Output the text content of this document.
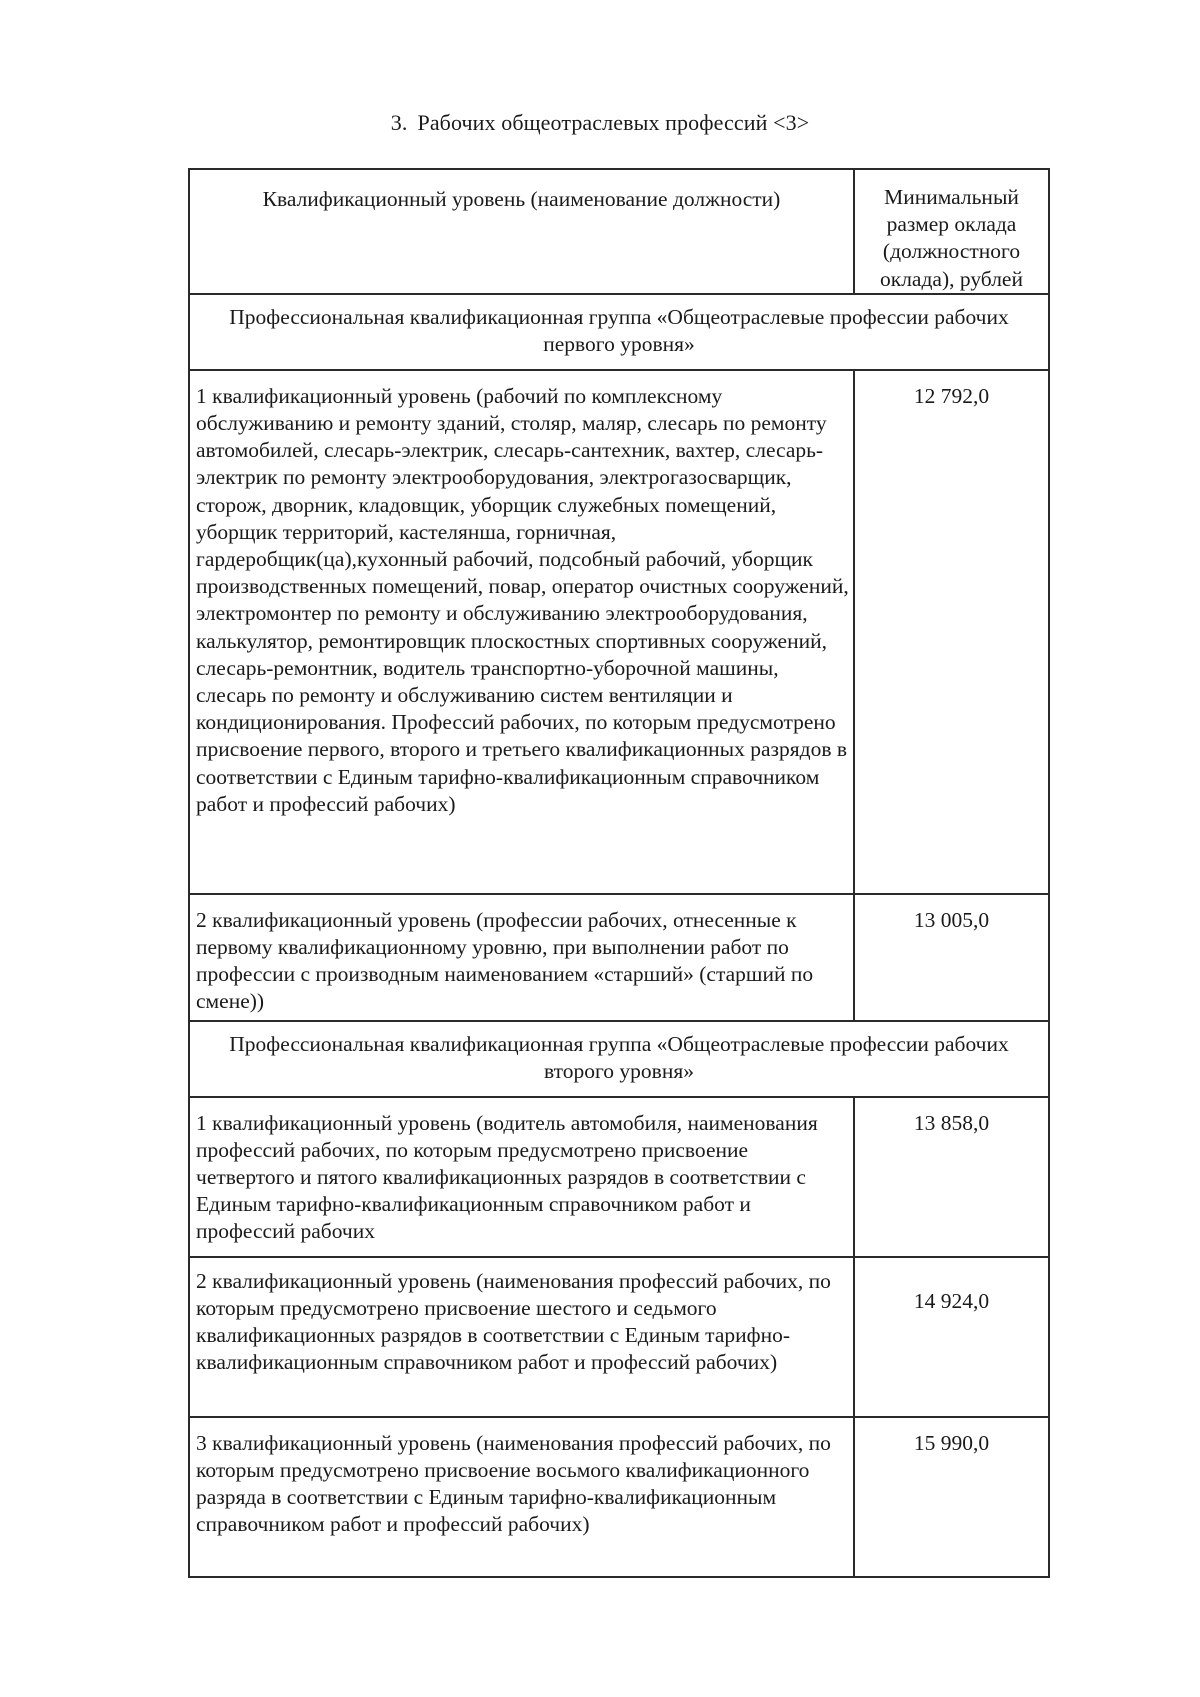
3. Рабочих общеотраслевых профессий <3>
Квалификационный уровень (наименование должности)	Минимальный размер оклада (должностного оклада), рублей
Профессиональная квалификационная группа «Общеотраслевые профессии рабочих первого уровня»	
1 квалификационный уровень (рабочий по комплексному обслуживанию и ремонту зданий, столяр, маляр, слесарь по ремонту автомобилей, слесарь-электрик, слесарь-сантехник, вахтер, слесарь-электрик по ремонту электрооборудования, электрогазосварщик, сторож, дворник, кладовщик, уборщик служебных помещений, уборщик территорий, кастелянша, горничная, гардеробщик(ца),кухонный рабочий, подсобный рабочий, уборщик производственных помещений, повар, оператор очистных сооружений, электромонтер по ремонту и обслуживанию электрооборудования, калькулятор, ремонтировщик плоскостных спортивных сооружений, слесарь-ремонтник, водитель транспортно-уборочной машины, слесарь по ремонту и обслуживанию систем вентиляции и кондиционирования. Профессий рабочих, по которым предусмотрено присвоение первого, второго и третьего квалификационных разрядов в соответствии с Единым тарифно-квалификационным справочником работ и профессий рабочих)	12 792,0
2 квалификационный уровень (профессии рабочих, отнесенные к первому квалификационному уровню, при выполнении работ по профессии с производным наименованием «старший» (старший по смене))	13 005,0
Профессиональная квалификационная группа «Общеотраслевые профессии рабочих второго уровня»	
1 квалификационный уровень (водитель автомобиля, наименования профессий рабочих, по которым предусмотрено присвоение четвертого и пятого квалификационных разрядов в соответствии с Единым тарифно-квалификационным справочником работ и профессий рабочих	13 858,0
2 квалификационный уровень (наименования профессий рабочих, по которым предусмотрено присвоение шестого и седьмого квалификационных разрядов в соответствии с Единым тарифно-квалификационным справочником работ и профессий рабочих)	14 924,0
3 квалификационный уровень (наименования профессий рабочих, по которым предусмотрено присвоение восьмого квалификационного разряда в соответствии с Единым тарифно-квалификационным справочником работ и профессий рабочих)	15 990,0
